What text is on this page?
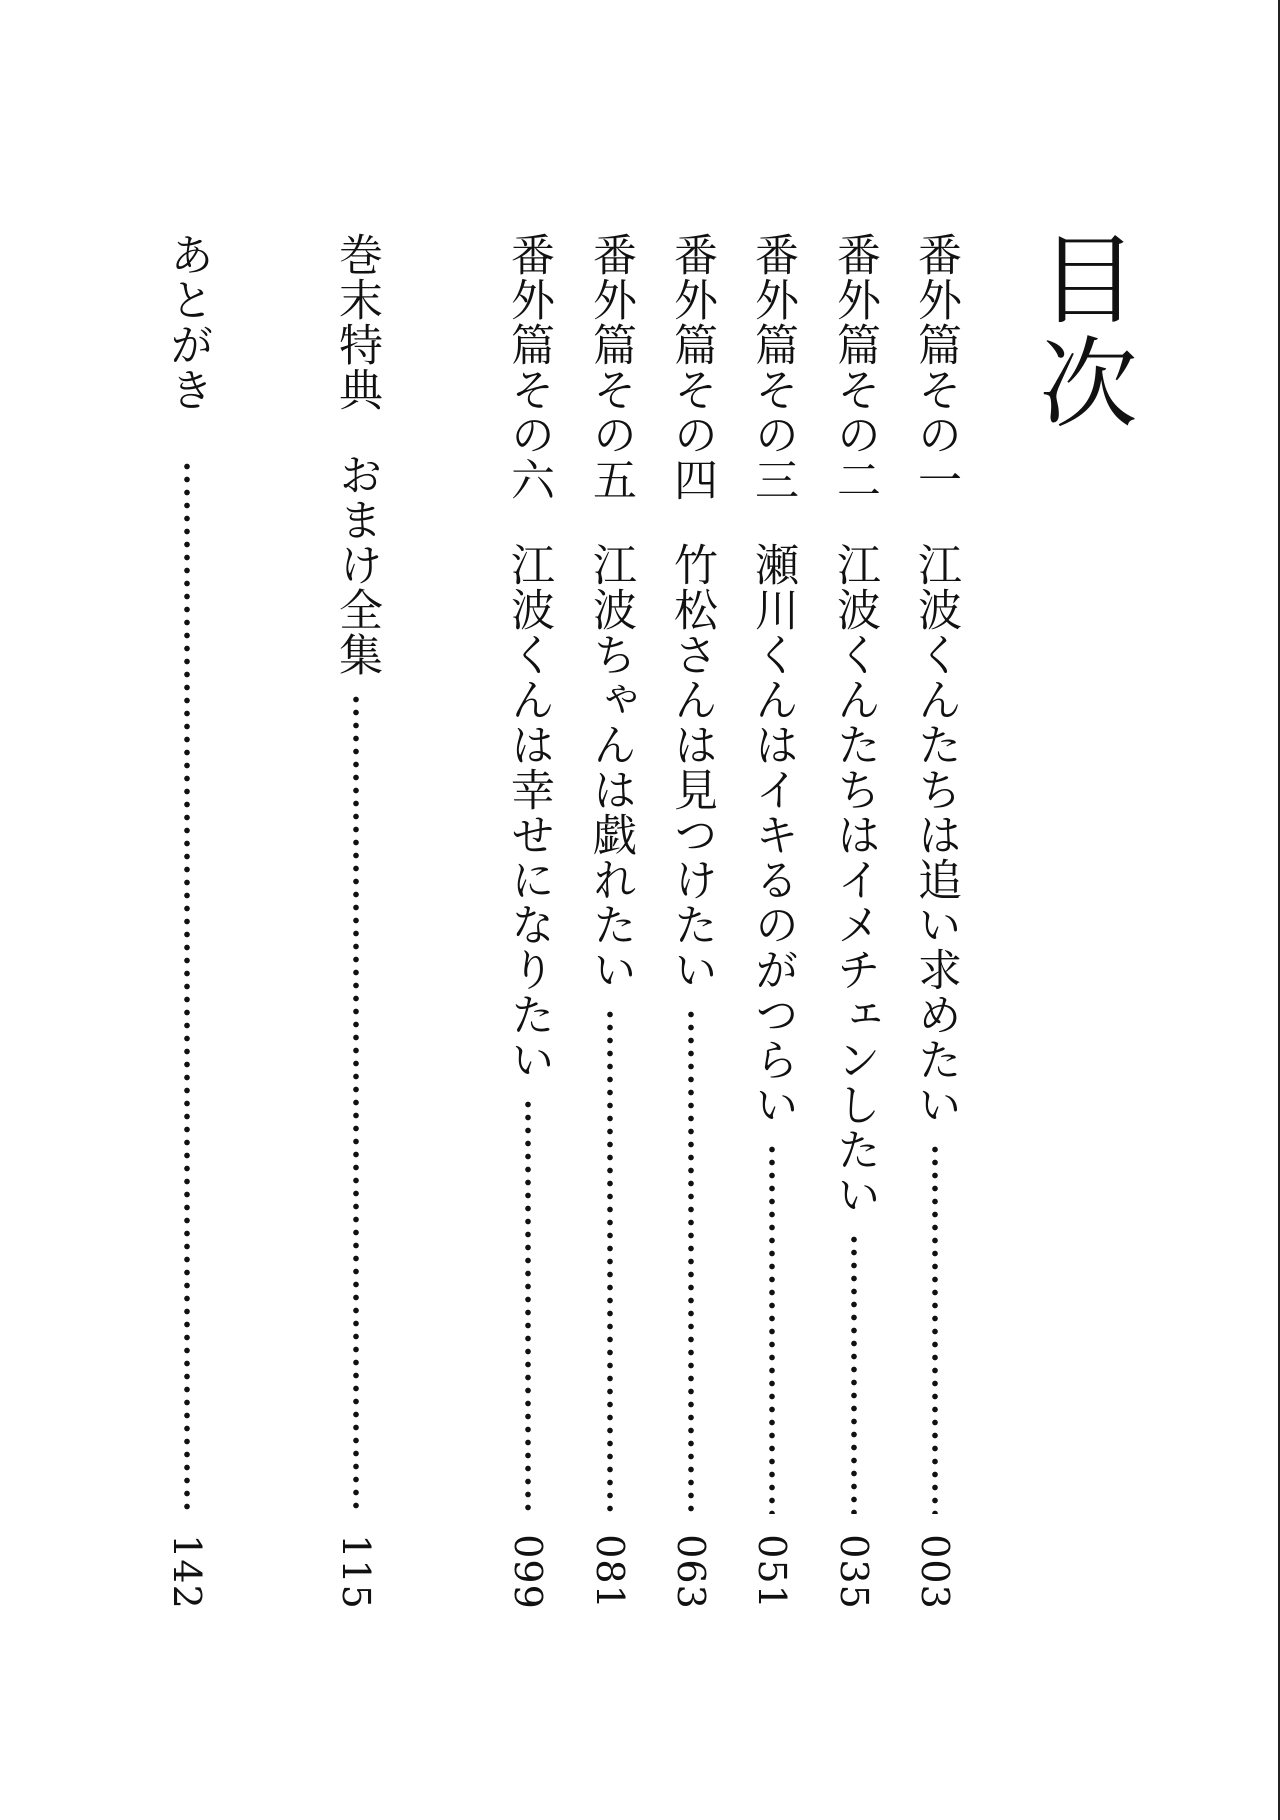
目次
番外篇その一
江波くんたちは追い求めたい
003
番外篇その二
江波くんたちはイメチェンしたい
035
番外篇その三
瀬川くんはイキるのがつらい
051
番外篇その四
竹松さんは見つけたい
063
番外篇その五
江波ちゃんは戯れたい
081
番外篇その六
江波くんは幸せになりたい
099
巻末特典
おまけ全集
115
あとがき
142
